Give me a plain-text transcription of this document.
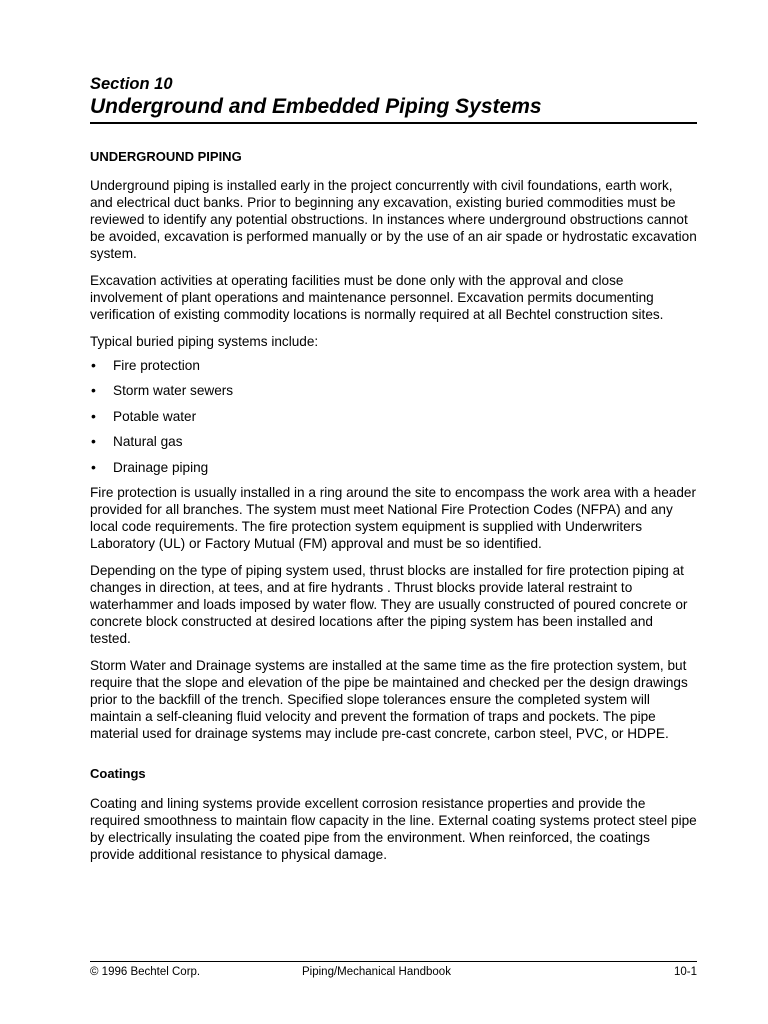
Section 10
Underground and Embedded Piping Systems
UNDERGROUND PIPING

Underground piping is installed early in the project concurrently with civil foundations, earth work, and electrical duct banks. Prior to beginning any excavation, existing buried commodities must be reviewed to identify any potential obstructions. In instances where underground obstructions cannot be avoided, excavation is performed manually or by the use of an air spade or hydrostatic excavation system.

Excavation activities at operating facilities must be done only with the approval and close involvement of plant operations and maintenance personnel. Excavation permits documenting verification of existing commodity locations is normally required at all Bechtel construction sites.

Typical buried piping systems include:

• Fire protection
• Storm water sewers
• Potable water
• Natural gas
• Drainage piping

Fire protection is usually installed in a ring around the site to encompass the work area with a header provided for all branches. The system must meet National Fire Protection Codes (NFPA) and any local code requirements. The fire protection system equipment is supplied with Underwriters Laboratory (UL) or Factory Mutual (FM) approval and must be so identified.

Depending on the type of piping system used, thrust blocks are installed for fire protection piping at changes in direction, at tees, and at fire hydrants . Thrust blocks provide lateral restraint to waterhammer and loads imposed by water flow. They are usually constructed of poured concrete or concrete block constructed at desired locations after the piping system has been installed and tested.

Storm Water and Drainage systems are installed at the same time as the fire protection system, but require that the slope and elevation of the pipe be maintained and checked per the design drawings prior to the backfill of the trench. Specified slope tolerances ensure the completed system will maintain a self-cleaning fluid velocity and prevent the formation of traps and pockets. The pipe material used for drainage systems may include pre-cast concrete, carbon steel, PVC, or HDPE.

Coatings

Coating and lining systems provide excellent corrosion resistance properties and provide the required smoothness to maintain flow capacity in the line. External coating systems protect steel pipe by electrically insulating the coated pipe from the environment. When reinforced, the coatings provide additional resistance to physical damage.

© 1996 Bechtel Corp.	Piping/Mechanical Handbook	10-1
